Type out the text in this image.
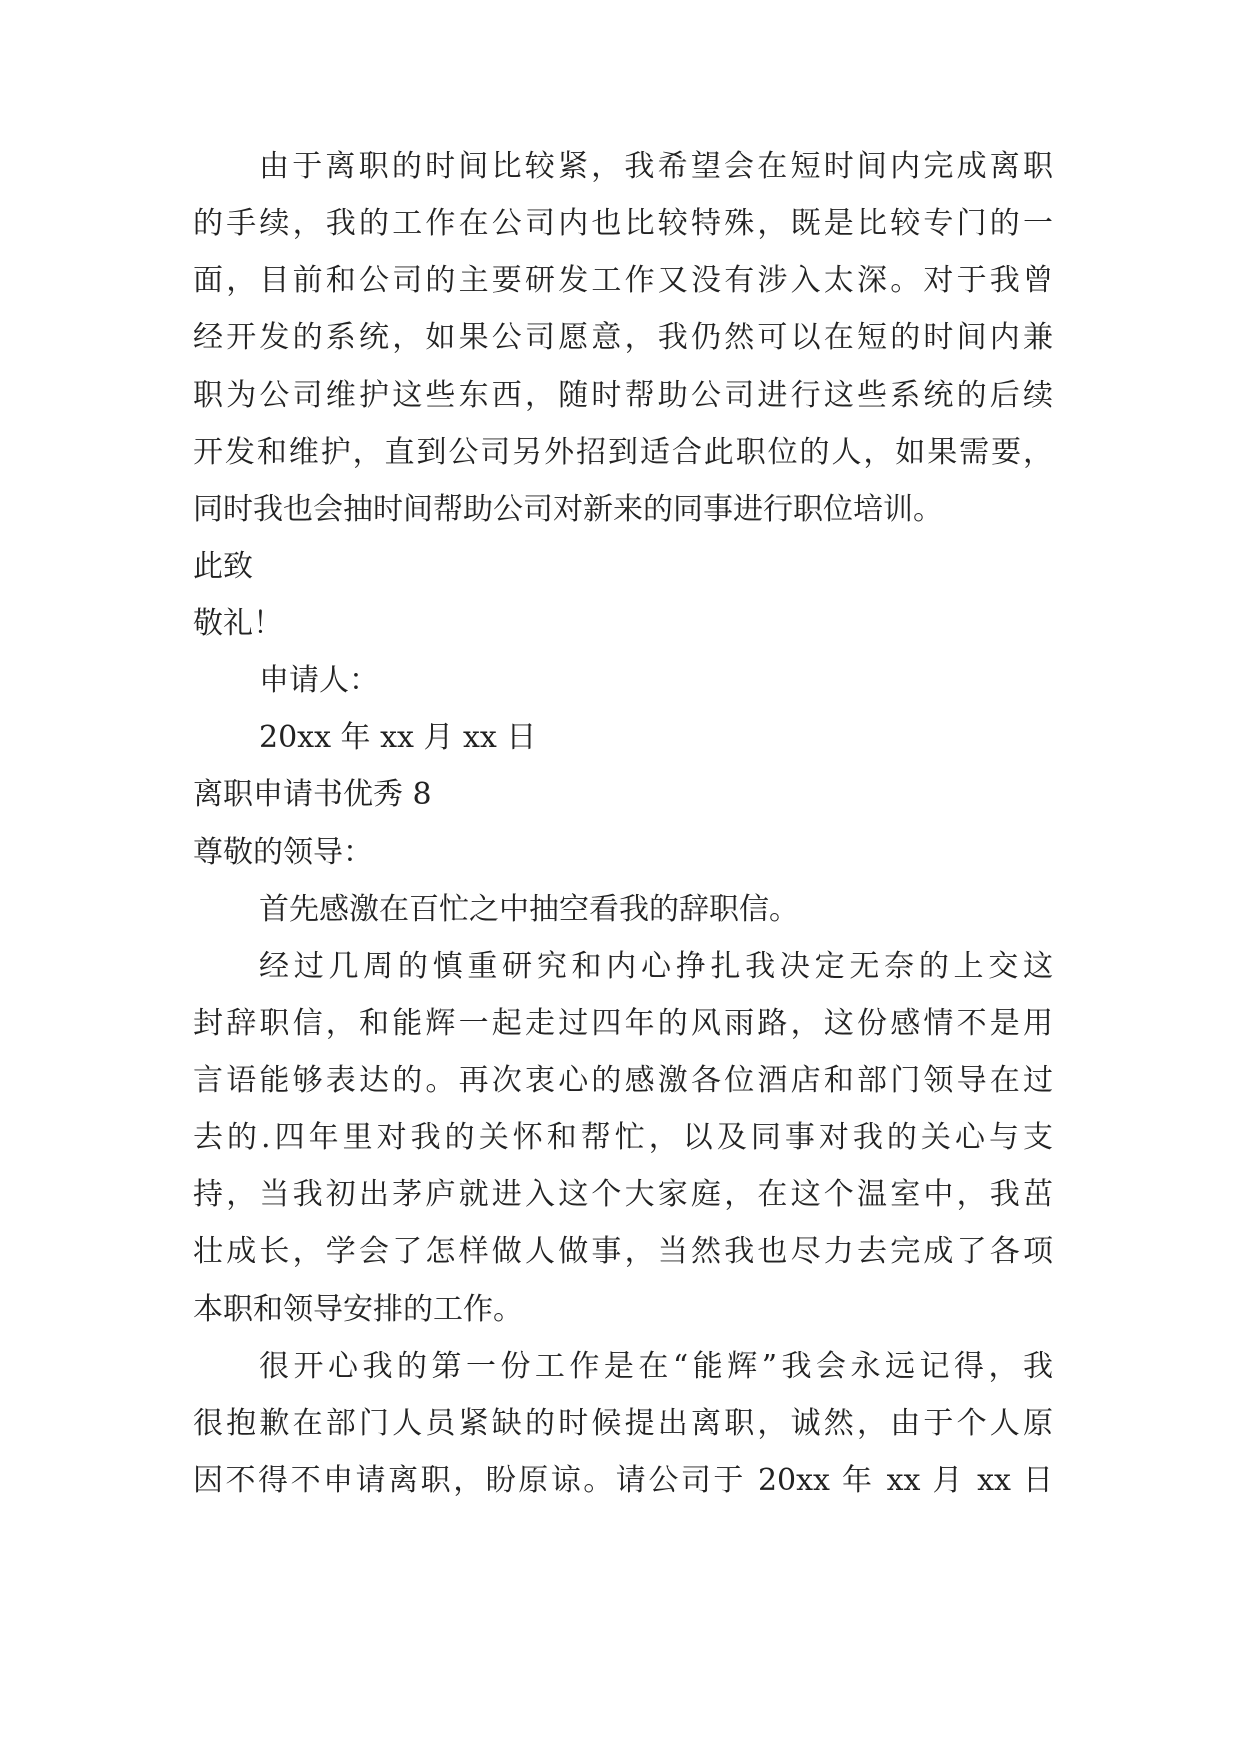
由于离职的时间比较紧，我希望会在短时间内完成离职
的手续，我的工作在公司内也比较特殊，既是比较专门的一
面，目前和公司的主要研发工作又没有涉入太深。对于我曾
经开发的系统，如果公司愿意，我仍然可以在短的时间内兼
职为公司维护这些东西，随时帮助公司进行这些系统的后续
开发和维护，直到公司另外招到适合此职位的人，如果需要，
同时我也会抽时间帮助公司对新来的同事进行职位培训。
此致
敬礼！
申请人：
20xx 年 xx 月 xx 日
离职申请书优秀 8
尊敬的领导：
首先感激在百忙之中抽空看我的辞职信。
经过几周的慎重研究和内心挣扎我决定无奈的上交这
封辞职信，和能辉一起走过四年的风雨路，这份感情不是用
言语能够表达的。再次衷心的感激各位酒店和部门领导在过
去的.四年里对我的关怀和帮忙，以及同事对我的关心与支
持，当我初出茅庐就进入这个大家庭，在这个温室中，我茁
壮成长，学会了怎样做人做事，当然我也尽力去完成了各项
本职和领导安排的工作。
很开心我的第一份工作是在“能辉”我会永远记得，我
很抱歉在部门人员紧缺的时候提出离职，诚然，由于个人原
因不得不申请离职，盼原谅。请公司于 20xx 年 xx 月 xx 日
